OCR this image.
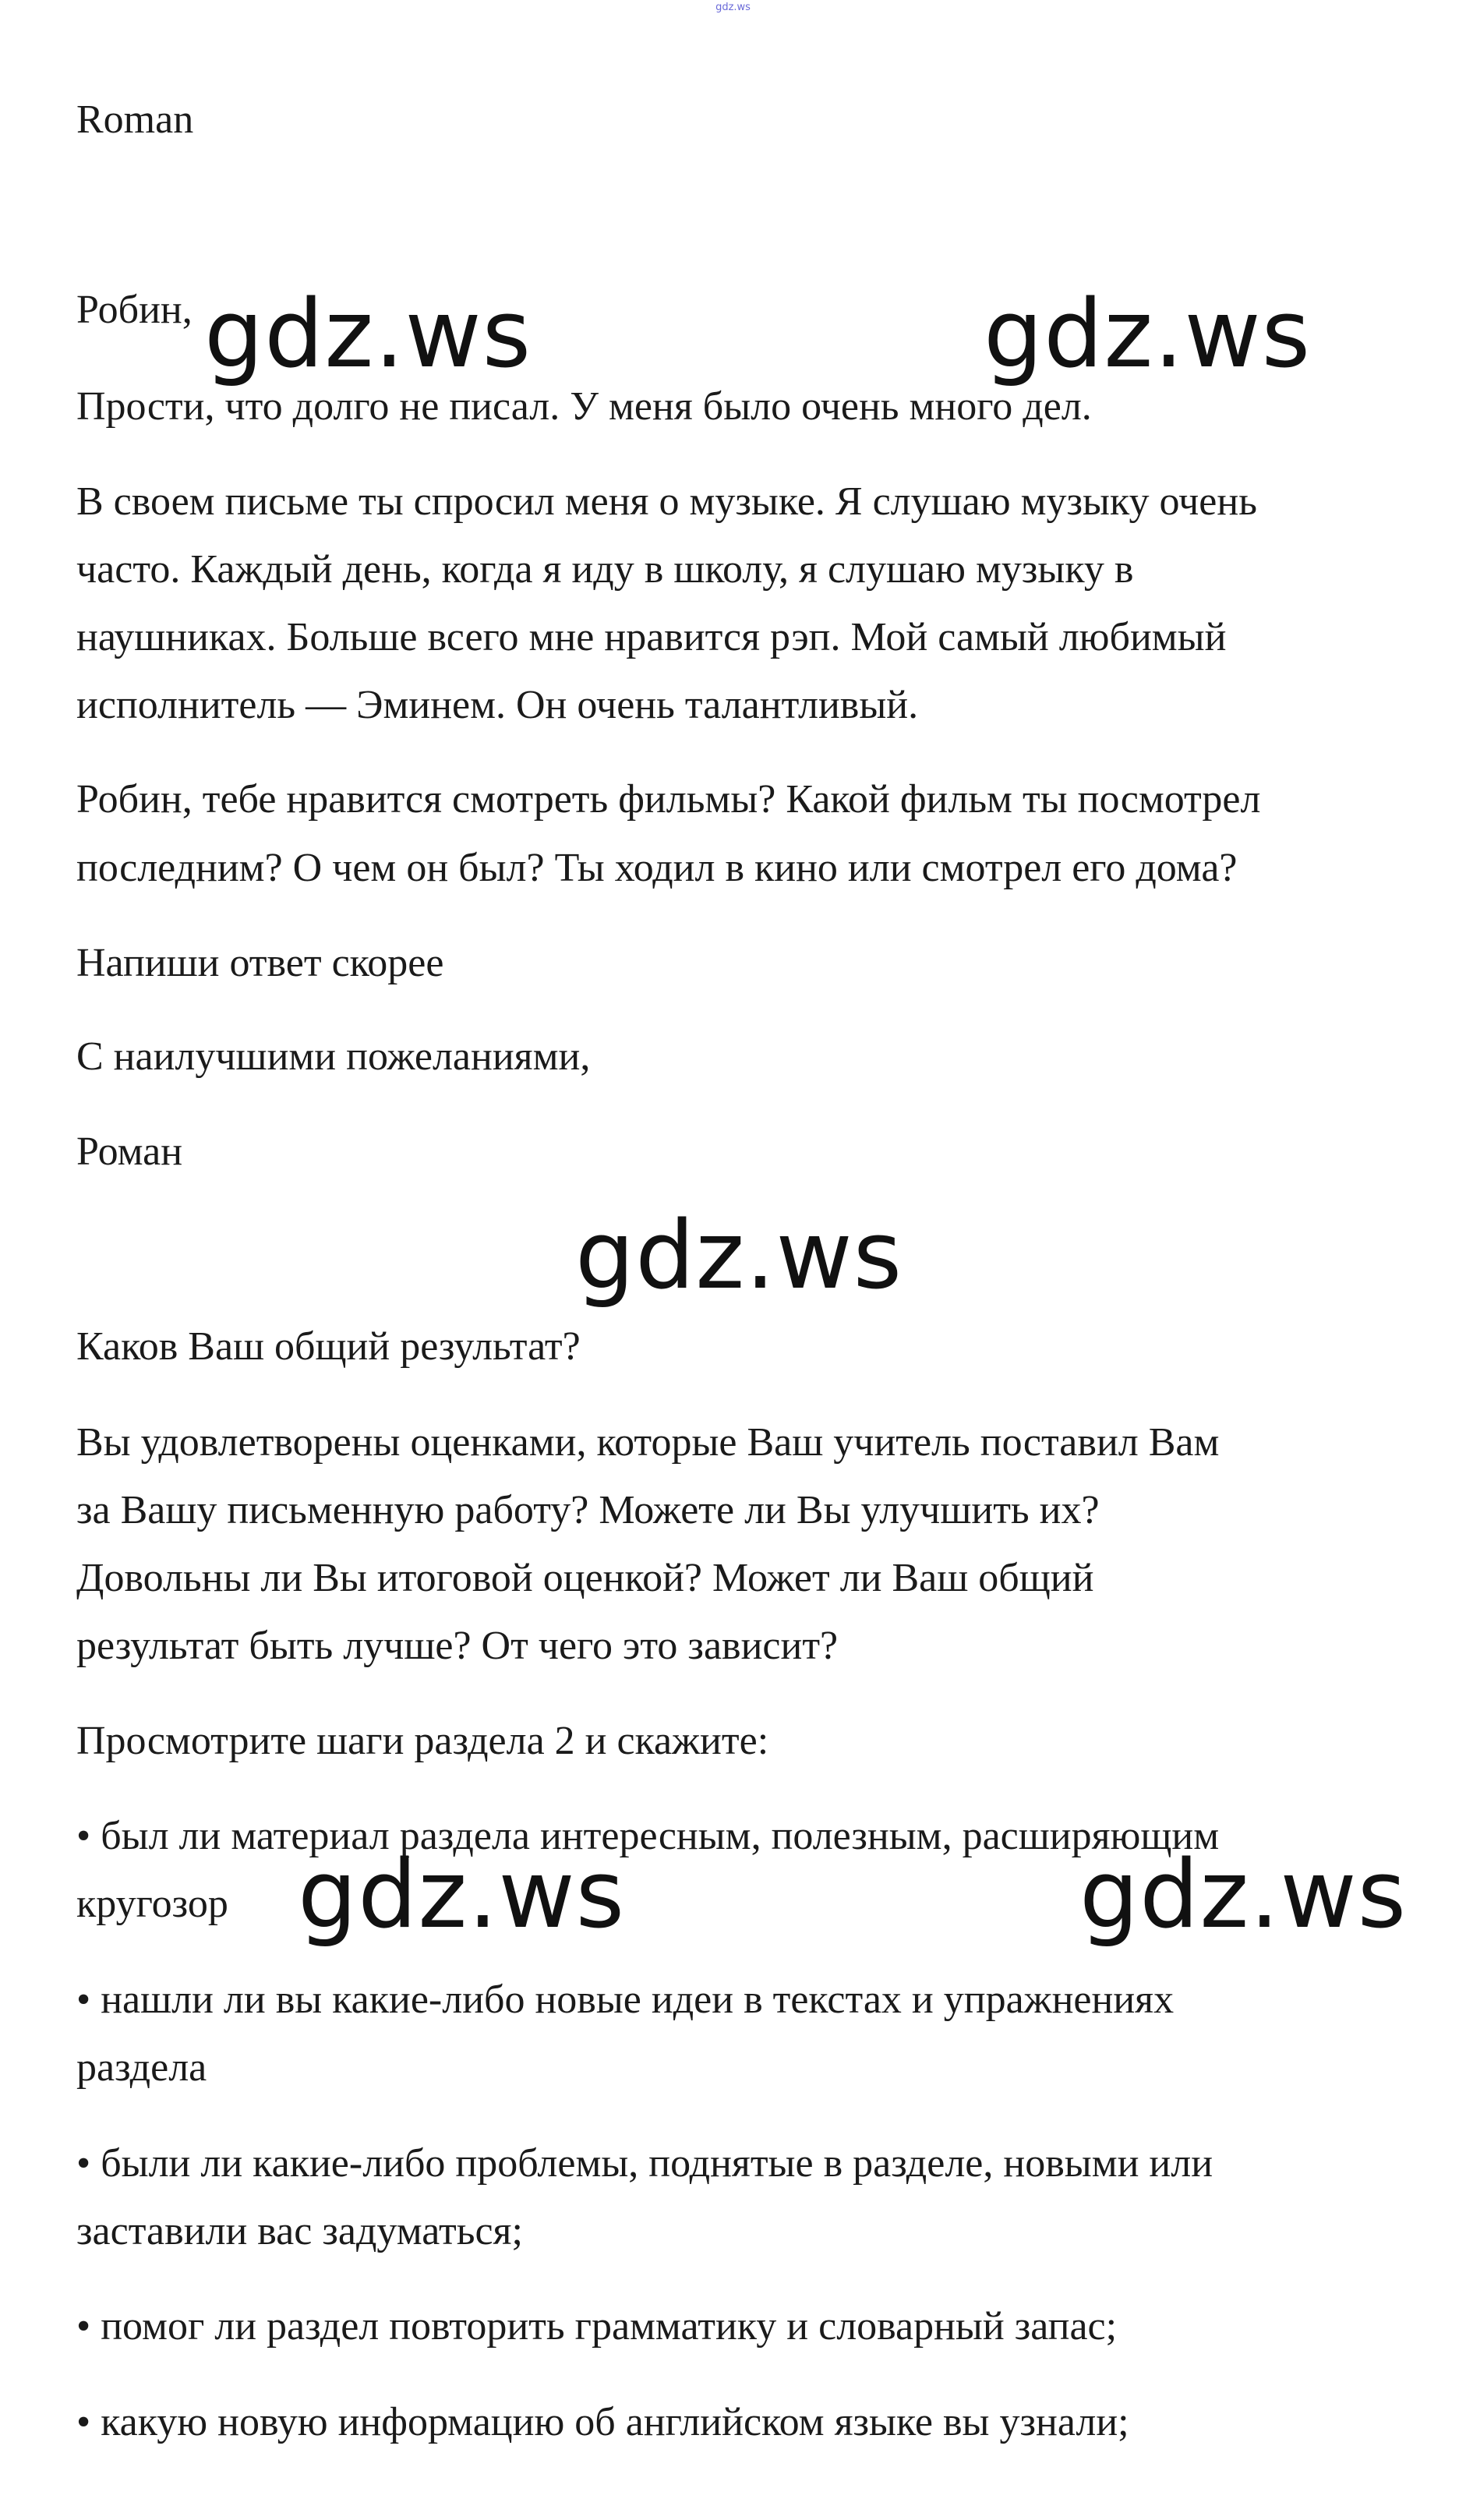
gdz.ws
Roman
Робин,
Прости, что долго не писал. У меня было очень много дел.
В своем письме ты спросил меня о музыке. Я слушаю музыку очень
часто. Каждый день, когда я иду в школу, я слушаю музыку в
наушниках. Больше всего мне нравится рэп. Мой самый любимый
исполнитель — Эминем. Он очень талантливый.
Робин, тебе нравится смотреть фильмы? Какой фильм ты посмотрел
последним? О чем он был? Ты ходил в кино или смотрел его дома?
Напиши ответ скорее
С наилучшими пожеланиями,
Роман
Каков Ваш общий результат?
Вы удовлетворены оценками, которые Ваш учитель поставил Вам
за Вашу письменную работу? Можете ли Вы улучшить их?
Довольны ли Вы итоговой оценкой? Может ли Ваш общий
результат быть лучше? От чего это зависит?
Просмотрите шаги раздела 2 и скажите:
• был ли материал раздела интересным, полезным, расширяющим
кругозор
• нашли ли вы какие-либо новые идеи в текстах и упражнениях
раздела
• были ли какие-либо проблемы, поднятые в разделе, новыми или
заставили вас задуматься;
• помог ли раздел повторить грамматику и словарный запас;
• какую новую информацию об английском языке вы узнали;
gdz.ws	gdz.ws
gdz.ws
gdz.ws	gdz.ws
